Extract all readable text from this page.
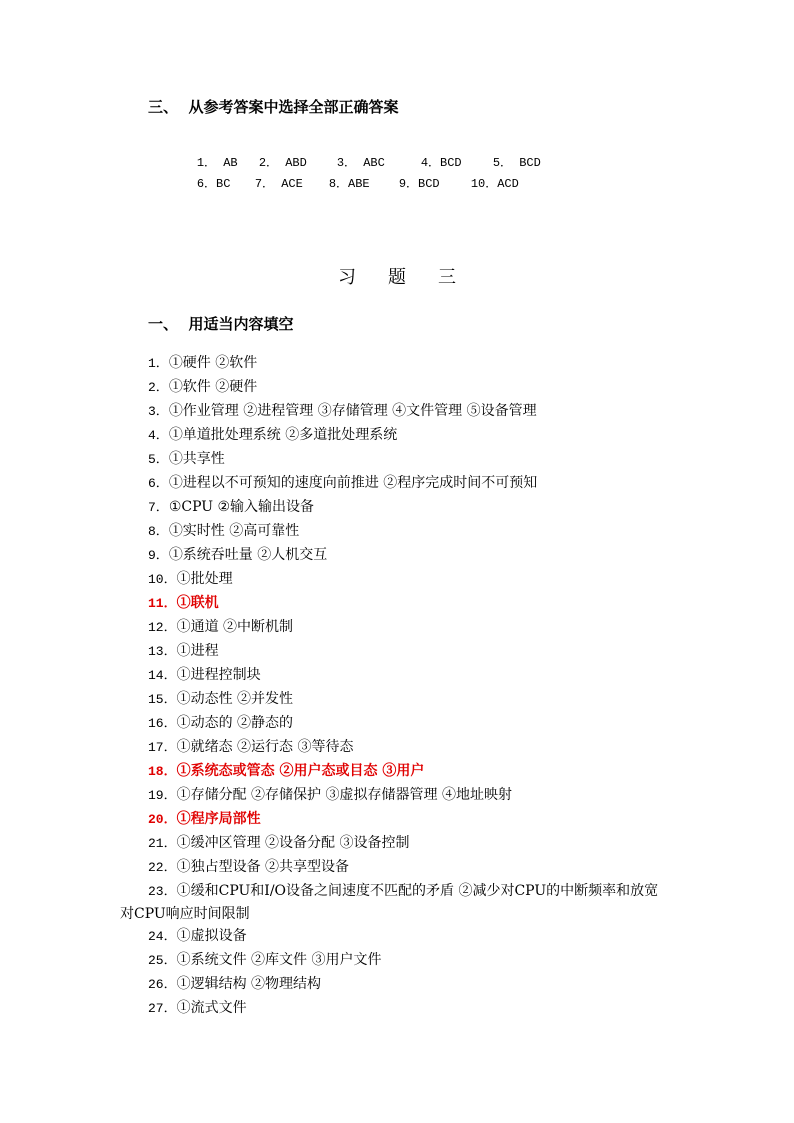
三、  从参考答案中选择全部正确答案

1． AB 2． ABD 3． ABC	4．BCD	5． BCD

6．BC 7． ACE 8．ABE 9．BCD	10．ACD

习 题 三
一、  用适当内容填空
1．①硬件 ②软件
2．①软件 ②硬件
3．①作业管理 ②进程管理 ③存储管理 ④文件管理 ⑤设备管理
4．①单道批处理系统 ②多道批处理系统
5．①共享性
6．①进程以不可预知的速度向前推进 ②程序完成时间不可预知
7．①CPU ②输入输出设备
8．①实时性 ②高可靠性
9．①系统吞吐量 ②人机交互
10．①批处理
11．①联机
12．①通道 ②中断机制
13．①进程
14．①进程控制块
15．①动态性 ②并发性
16．①动态的 ②静态的
17．①就绪态 ②运行态 ③等待态
18．①系统态或管态 ②用户态或目态 ③用户
19．①存储分配 ②存储保护 ③虚拟存储器管理 ④地址映射
20．①程序局部性
21．①缓冲区管理 ②设备分配 ③设备控制
22．①独占型设备 ②共享型设备
23．①缓和CPU和I/O设备之间速度不匹配的矛盾 ②减少对CPU的中断频率和放宽
对CPU响应时间限制
24．①虚拟设备
25．①系统文件 ②库文件 ③用户文件
26．①逻辑结构 ②物理结构
27．①流式文件
